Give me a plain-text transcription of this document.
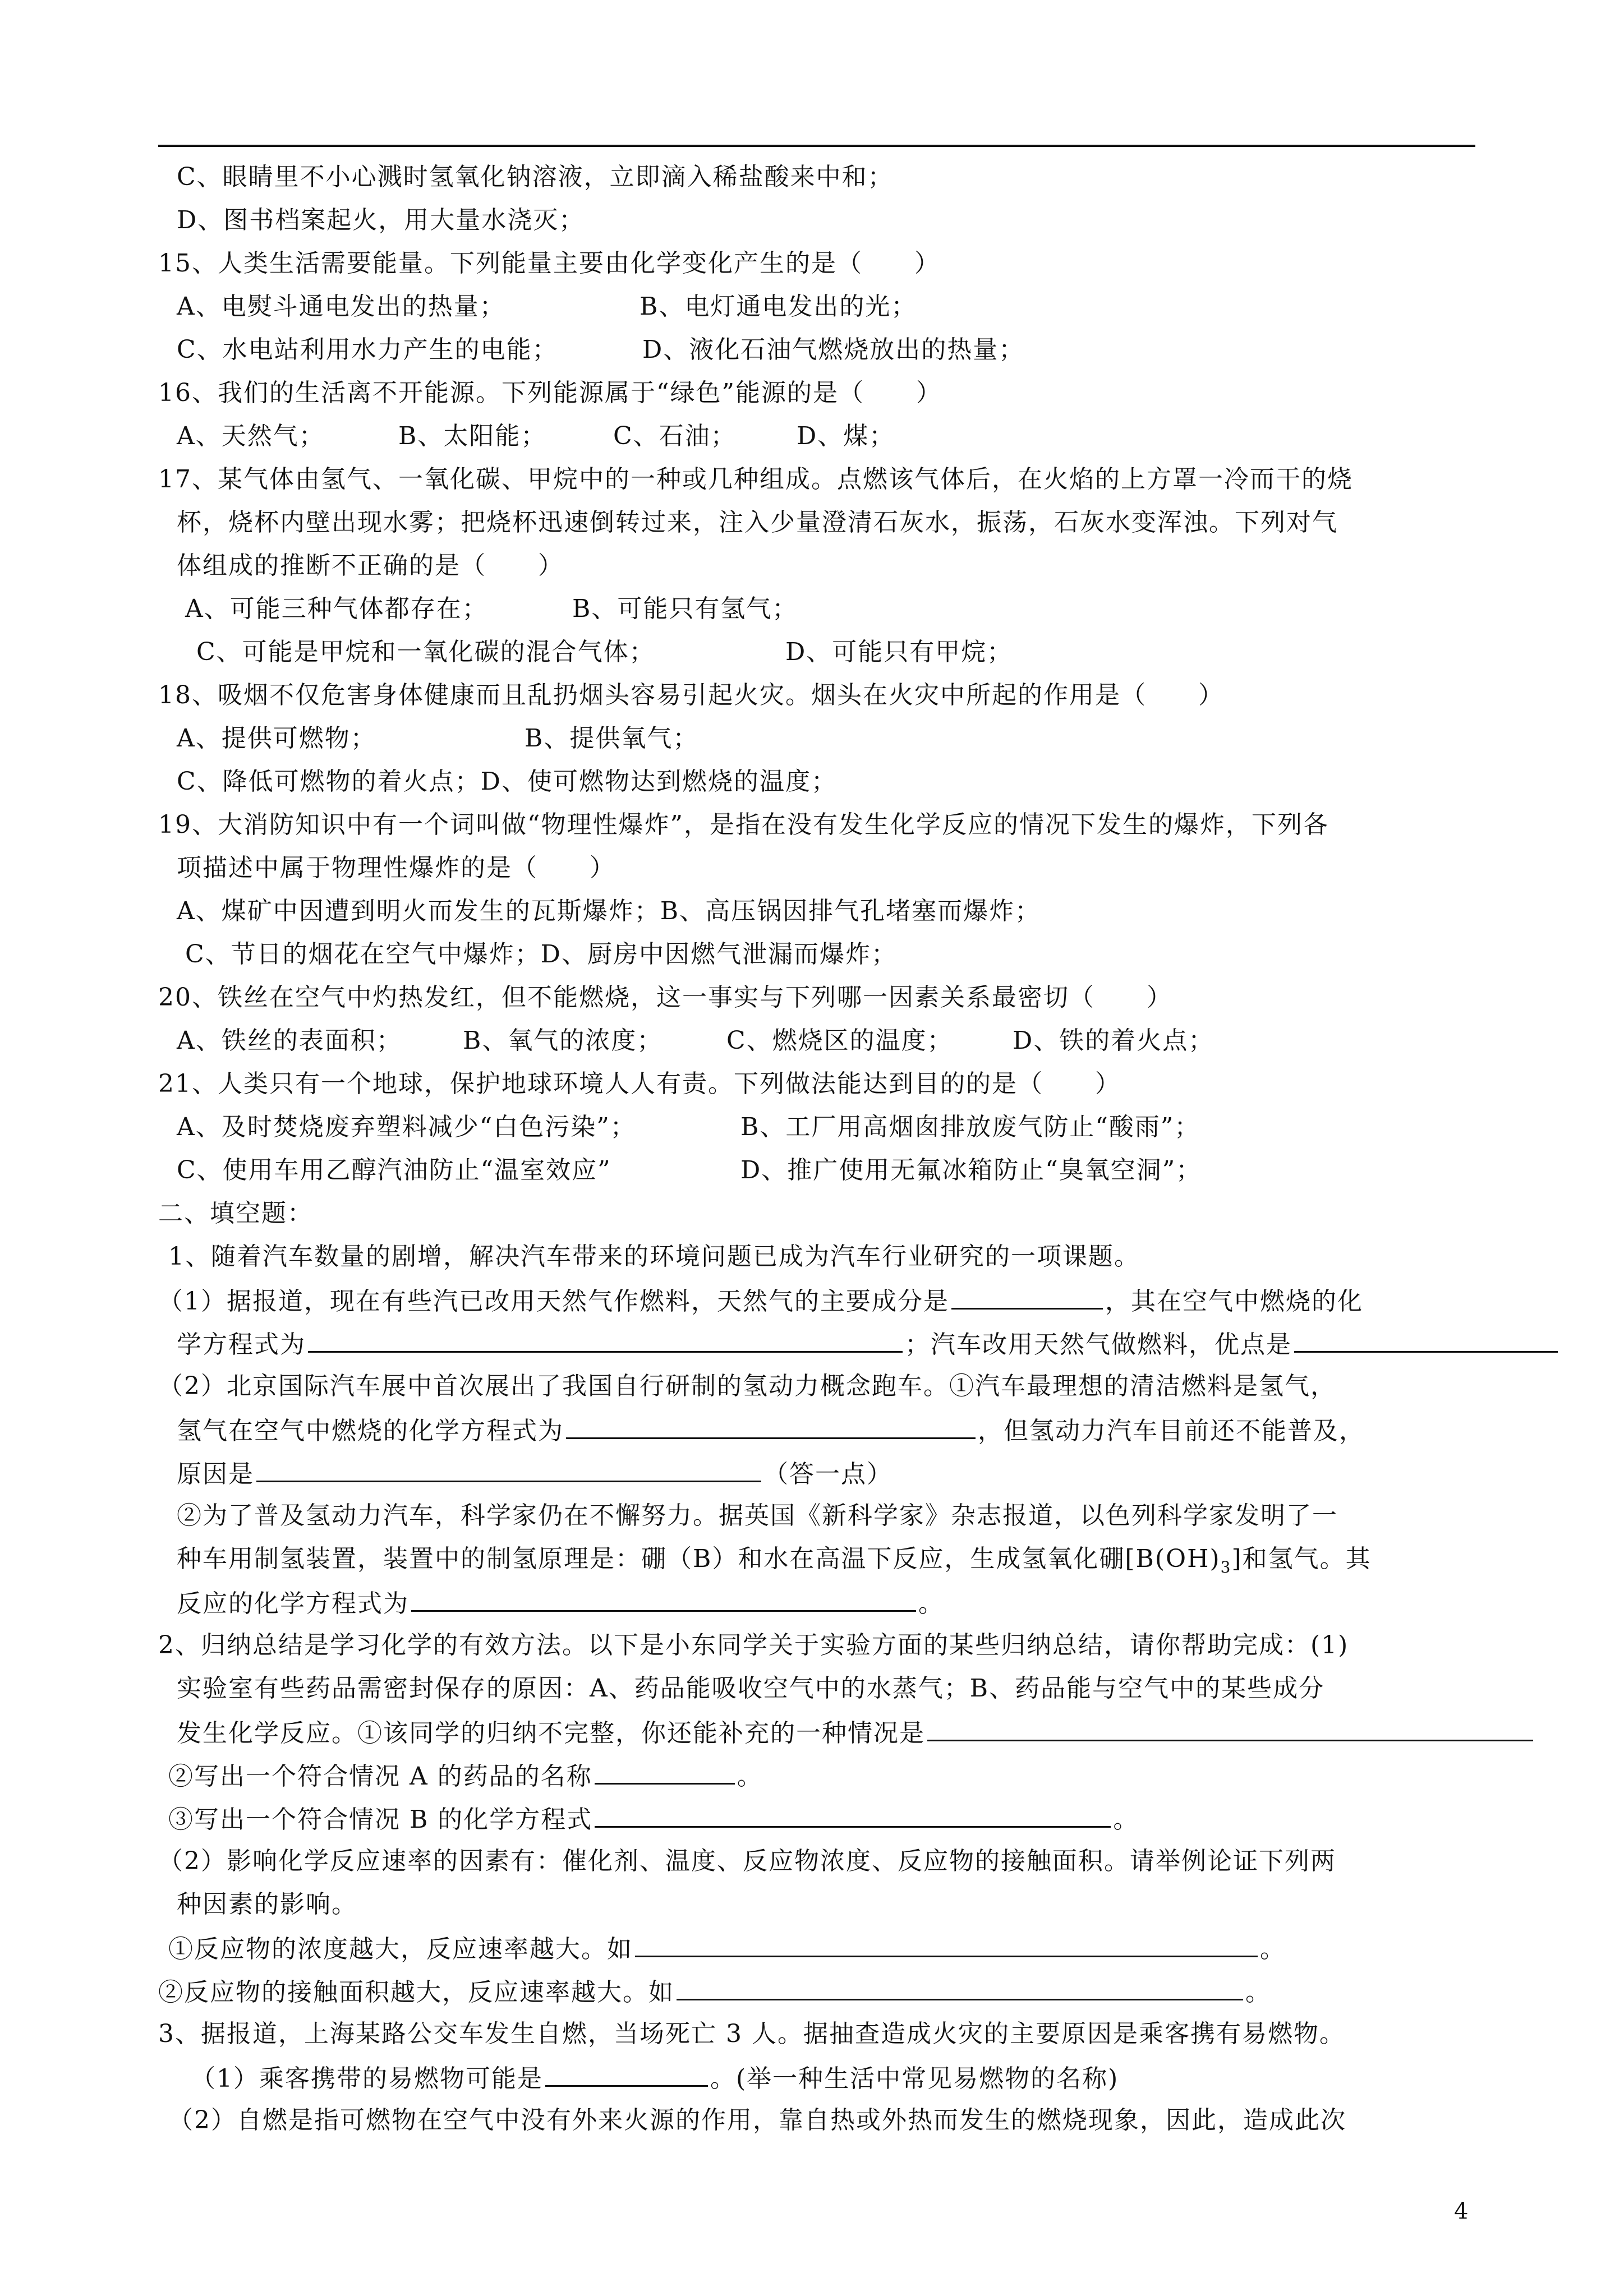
C、眼睛里不小心溅时氢氧化钠溶液，立即滴入稀盐酸来中和；
D、图书档案起火，用大量水浇灭；
15、人类生活需要能量。下列能量主要由化学变化产生的是（　　）
A、电熨斗通电发出的热量；	B、电灯通电发出的光；
C、水电站利用水力产生的电能；	D、液化石油气燃烧放出的热量；
16、我们的生活离不开能源。下列能源属于“绿色”能源的是（　　）
A、天然气；	B、太阳能；	C、石油； D、煤；
17、某气体由氢气、一氧化碳、甲烷中的一种或几种组成。点燃该气体后，在火焰的上方罩一冷而干的烧
杯，烧杯内壁出现水雾；把烧杯迅速倒转过来，注入少量澄清石灰水，振荡，石灰水变浑浊。下列对气
体组成的推断不正确的是（　　）
A、可能三种气体都存在；	B、可能只有氢气；
C、可能是甲烷和一氧化碳的混合气体；	D、可能只有甲烷；
18、吸烟不仅危害身体健康而且乱扔烟头容易引起火灾。烟头在火灾中所起的作用是（　　）
A、提供可燃物；	B、提供氧气；
C、降低可燃物的着火点；D、使可燃物达到燃烧的温度；
19、大消防知识中有一个词叫做“物理性爆炸”，是指在没有发生化学反应的情况下发生的爆炸，下列各
项描述中属于物理性爆炸的是（　　）
A、煤矿中因遭到明火而发生的瓦斯爆炸；B、高压锅因排气孔堵塞而爆炸；
C、节日的烟花在空气中爆炸；D、厨房中因燃气泄漏而爆炸；
20、铁丝在空气中灼热发红，但不能燃烧，这一事实与下列哪一因素关系最密切（　　）
A、铁丝的表面积； B、氧气的浓度；	C、燃烧区的温度； D、铁的着火点；
21、人类只有一个地球，保护地球环境人人有责。下列做法能达到目的的是（　　）
A、及时焚烧废弃塑料减少“白色污染”；	B、工厂用高烟囱排放废气防止“酸雨”；
C、使用车用乙醇汽油防止“温室效应”	D、推广使用无氟冰箱防止“臭氧空洞”；
二、填空题：
1、随着汽车数量的剧增，解决汽车带来的环境问题已成为汽车行业研究的一项课题。
（1）据报道，现在有些汽已改用天然气作燃料，天然气的主要成分是	，其在空气中燃烧的化
学方程式为	；汽车改用天然气做燃料，优点是
（2）北京国际汽车展中首次展出了我国自行研制的氢动力概念跑车。①汽车最理想的清洁燃料是氢气，
氢气在空气中燃烧的化学方程式为	，但氢动力汽车目前还不能普及，
原因是	（答一点）
②为了普及氢动力汽车，科学家仍在不懈努力。据英国《新科学家》杂志报道，以色列科学家发明了一
种车用制氢装置，装置中的制氢原理是：硼（B）和水在高温下反应，生成氢氧化硼$[B(OH)_3]$和氢气。其
反应的化学方程式为	。
2、归纳总结是学习化学的有效方法。以下是小东同学关于实验方面的某些归纳总结，请你帮助完成：(1)
实验室有些药品需密封保存的原因：A、药品能吸收空气中的水蒸气；B、药品能与空气中的某些成分
发生化学反应。①该同学的归纳不完整，你还能补充的一种情况是
②写出一个符合情况 A 的药品的名称	。
③写出一个符合情况 B 的化学方程式	。
（2）影响化学反应速率的因素有：催化剂、温度、反应物浓度、反应物的接触面积。请举例论证下列两
种因素的影响。
①反应物的浓度越大，反应速率越大。如	。
②反应物的接触面积越大，反应速率越大。如	。
3、据报道，上海某路公交车发生自燃，当场死亡 3 人。据抽查造成火灾的主要原因是乘客携有易燃物。
（1）乘客携带的易燃物可能是	。(举一种生活中常见易燃物的名称)
（2）自燃是指可燃物在空气中没有外来火源的作用，靠自热或外热而发生的燃烧现象，因此，造成此次
4
